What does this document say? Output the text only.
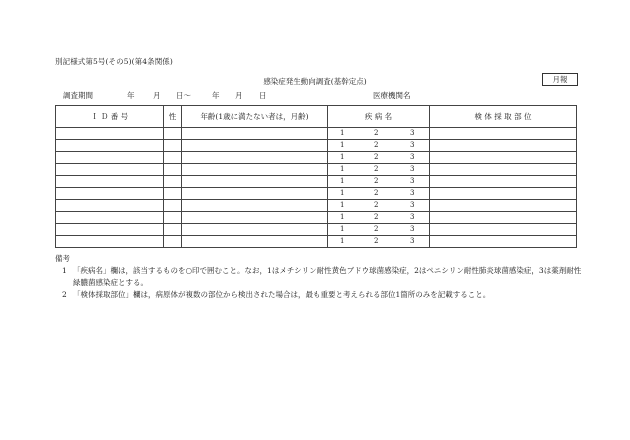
別記様式第5号(その5)(第4条関係)
感染症発生動向調査(基幹定点)	月報
調査期間	年 月 日～	年 月 日	医療機関名
Ｉ Ｄ 番 号	性	年齢(1歳に満たない者は，月齢)	疾 病 名	検 体 採 取 部 位

			1 2 3	

			1 2 3	

			1 2 3	

			1 2 3	

			1 2 3	

			1 2 3	

			1 2 3	

			1 2 3	

			1 2 3	

			1 2 3	

備考
1 「疾病名」欄は，該当するものを○印で囲むこと。なお，1はメチシリン耐性黄色ブドウ球菌感染症，2はペニシリン耐性肺炎球菌感染症，3は薬剤耐性緑膿菌感染症とする。
2 「検体採取部位」欄は，病原体が複数の部位から検出された場合は，最も重要と考えられる部位1箇所のみを記載すること。
